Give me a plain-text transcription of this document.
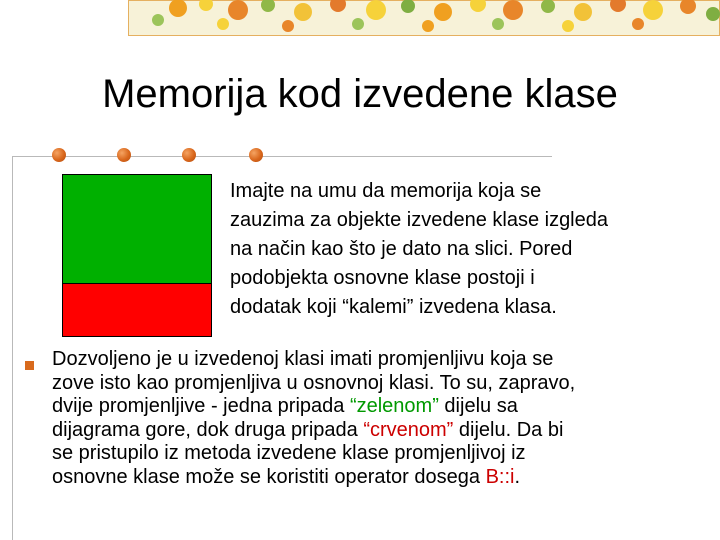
Memorija kod izvedene klase
Imajte na umu da memorija koja se
zauzima za objekte izvedene klase izgleda
na način kao što je dato na slici. Pored
podobjekta osnovne klase postoji i
dodatak koji “kalemi” izvedena klasa.
Dozvoljeno je u izvedenoj klasi imati promjenljivu koja se
zove isto kao promjenljiva u osnovnoj klasi. To su, zapravo,
dvije promjenljive - jedna pripada “zelenom” dijelu sa
dijagrama gore, dok druga pripada “crvenom” dijelu. Da bi
se pristupilo iz metoda izvedene klase promjenljivoj iz
osnovne klase može se koristiti operator dosega B::i.
